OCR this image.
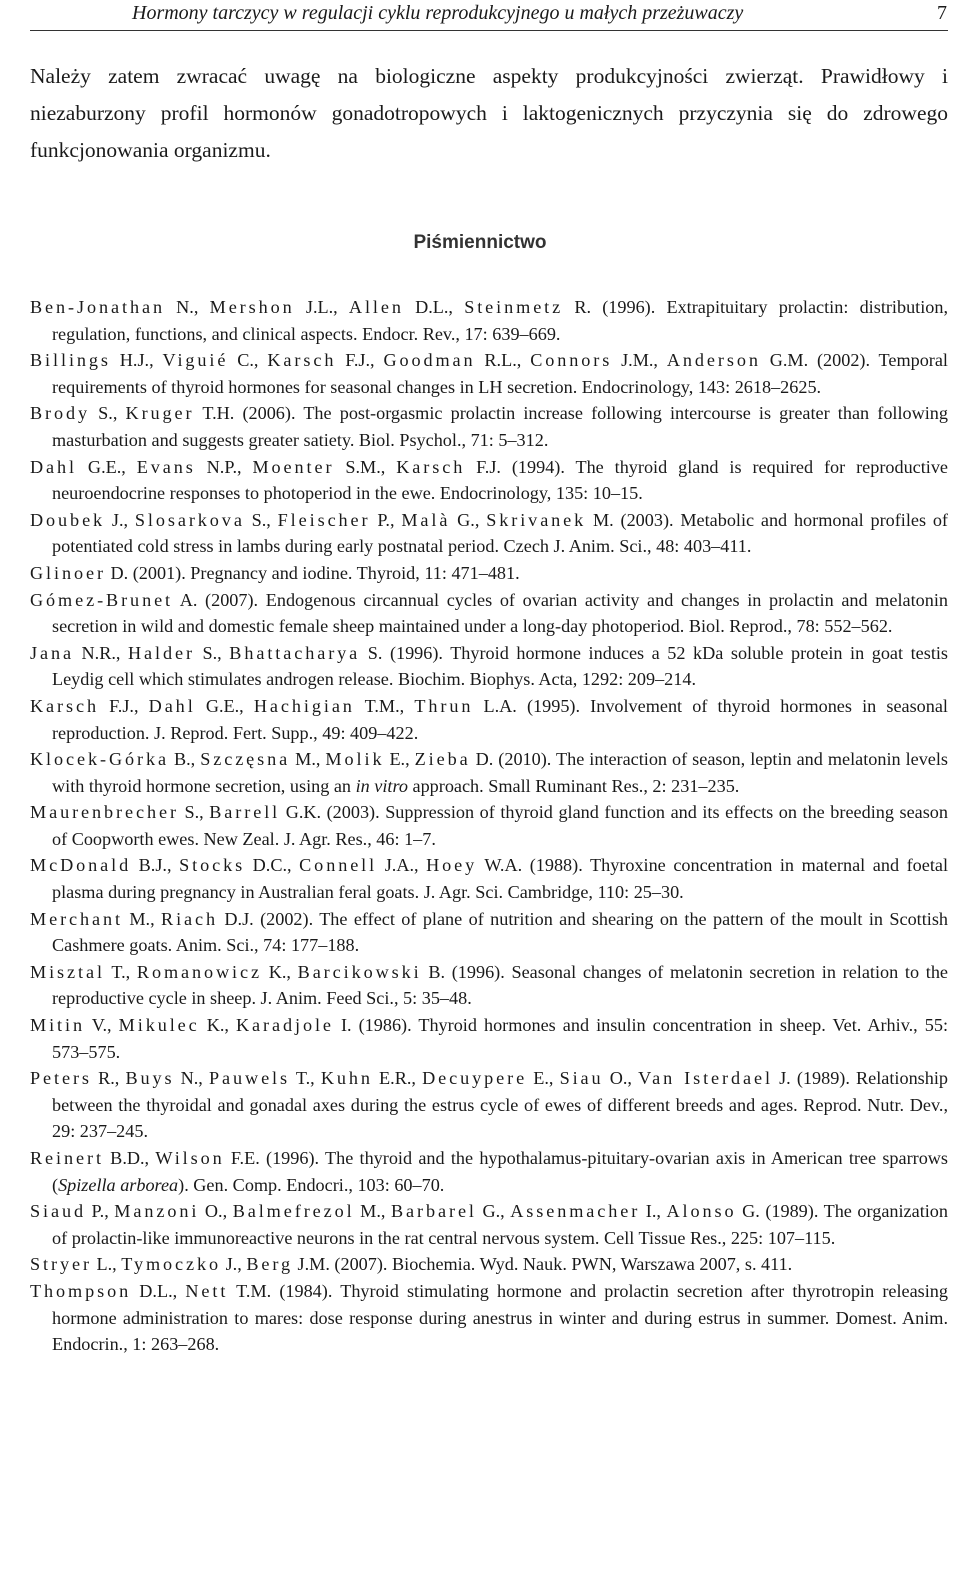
Hormony tarczycy w regulacji cyklu reprodukcyjnego u małych przeżuwaczy	7

Należy zatem zwracać uwagę na biologiczne aspekty produkcyjności zwierząt. Prawidłowy i niezaburzony profil hormonów gonadotropowych i laktogenicznych przyczynia się do zdrowego funkcjonowania organizmu.

Piśmiennictwo
Ben-Jonathan N., Mershon J.L., Allen D.L., Steinmetz R. (1996). Extrapituitary prolactin: distribution, regulation, functions, and clinical aspects. Endocr. Rev., 17: 639–669.
Billings H.J., Viguié C., Karsch F.J., Goodman R.L., Connors J.M., Anderson G.M. (2002). Temporal requirements of thyroid hormones for seasonal changes in LH secretion. Endocrinology, 143: 2618–2625.
Brody S., Kruger T.H. (2006). The post-orgasmic prolactin increase following intercourse is greater than following masturbation and suggests greater satiety. Biol. Psychol., 71: 5–312.
Dahl G.E., Evans N.P., Moenter S.M., Karsch F.J. (1994). The thyroid gland is required for reproductive neuroendocrine responses to photoperiod in the ewe. Endocrinology, 135: 10–15.
Doubek J., Slosarkova S., Fleischer P., Malà G., Skrivanek M. (2003). Metabolic and hormonal profiles of potentiated cold stress in lambs during early postnatal period. Czech J. Anim. Sci., 48: 403–411.
Glinoer D. (2001). Pregnancy and iodine. Thyroid, 11: 471–481.
Gómez-Brunet A. (2007). Endogenous circannual cycles of ovarian activity and changes in prolactin and melatonin secretion in wild and domestic female sheep maintained under a long-day photoperiod. Biol. Reprod., 78: 552–562.
Jana N.R., Halder S., Bhattacharya S. (1996). Thyroid hormone induces a 52 kDa soluble protein in goat testis Leydig cell which stimulates androgen release. Biochim. Biophys. Acta, 1292: 209–214.
Karsch F.J., Dahl G.E., Hachigian T.M., Thrun L.A. (1995). Involvement of thyroid hormones in seasonal reproduction. J. Reprod. Fert. Supp., 49: 409–422.
Klocek-Górka B., Szczęsna M., Molik E., Zieba D. (2010). The interaction of season, leptin and melatonin levels with thyroid hormone secretion, using an in vitro approach. Small Ruminant Res., 2: 231–235.
Maurenbrecher S., Barrell G.K. (2003). Suppression of thyroid gland function and its effects on the breeding season of Coopworth ewes. New Zeal. J. Agr. Res., 46: 1–7.
McDonald B.J., Stocks D.C., Connell J.A., Hoey W.A. (1988). Thyroxine concentration in maternal and foetal plasma during pregnancy in Australian feral goats. J. Agr. Sci. Cambridge, 110: 25–30.
Merchant M., Riach D.J. (2002). The effect of plane of nutrition and shearing on the pattern of the moult in Scottish Cashmere goats. Anim. Sci., 74: 177–188.
Misztal T., Romanowicz K., Barcikowski B. (1996). Seasonal changes of melatonin secretion in relation to the reproductive cycle in sheep. J. Anim. Feed Sci., 5: 35–48.
Mitin V., Mikulec K., Karadjole I. (1986). Thyroid hormones and insulin concentration in sheep. Vet. Arhiv., 55: 573–575.
Peters R., Buys N., Pauwels T., Kuhn E.R., Decuypere E., Siau O., Van Isterdael J. (1989). Relationship between the thyroidal and gonadal axes during the estrus cycle of ewes of different breeds and ages. Reprod. Nutr. Dev., 29: 237–245.
Reinert B.D., Wilson F.E. (1996). The thyroid and the hypothalamus-pituitary-ovarian axis in American tree sparrows (Spizella arborea). Gen. Comp. Endocri., 103: 60–70.
Siaud P., Manzoni O., Balmefrezol M., Barbarel G., Assenmacher I., Alonso G. (1989). The organization of prolactin-like immunoreactive neurons in the rat central nervous system. Cell Tissue Res., 225: 107–115.
Stryer L., Tymoczko J., Berg J.M. (2007). Biochemia. Wyd. Nauk. PWN, Warszawa 2007, s. 411.
Thompson D.L., Nett T.M. (1984). Thyroid stimulating hormone and prolactin secretion after thyrotropin releasing hormone administration to mares: dose response during anestrus in winter and during estrus in summer. Domest. Anim. Endocrin., 1: 263–268.
